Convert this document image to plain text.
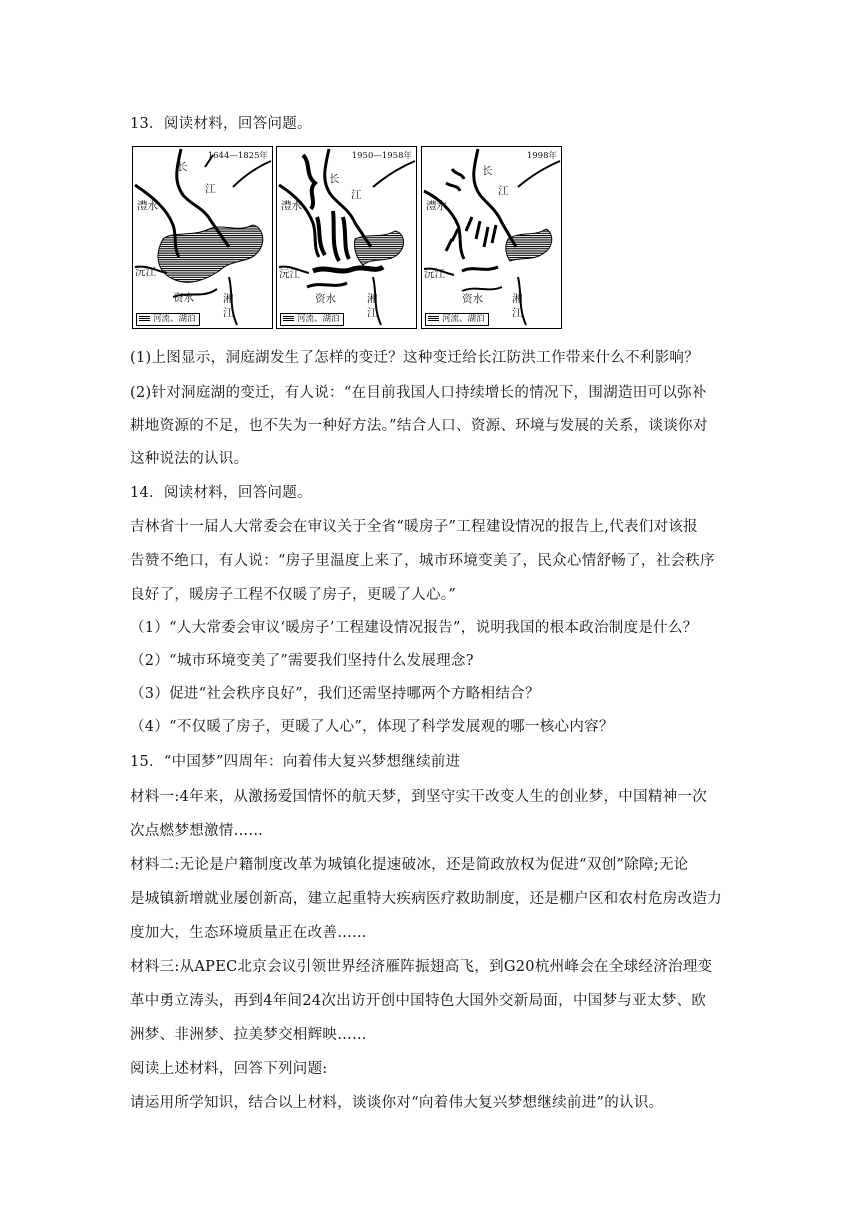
13．阅读材料，回答问题。
1644—1825年
长
江
澧水
沅江
资水	湘
江
河流、湖泊
1950—1958年
长
江
澧水
沅江
资水	湘
江
河流、湖泊
1998年
长
江
澧水
沅江
资水	湘
江
河流、湖泊
(1)上图显示，洞庭湖发生了怎样的变迁？这种变迁给长江防洪工作带来什么不利影响？
(2)针对洞庭湖的变迁，有人说：“在目前我国人口持续增长的情况下，围湖造田可以弥补
耕地资源的不足，也不失为一种好方法。”结合人口、资源、环境与发展的关系，谈谈你对
这种说法的认识。
14．阅读材料，回答问题。
吉林省十一届人大常委会在审议关于全省“暖房子”工程建设情况的报告上,代表们对该报
告赞不绝口，有人说：“房子里温度上来了，城市环境变美了，民众心情舒畅了，社会秩序
良好了，暖房子工程不仅暖了房子，更暖了人心。”
（1）“人大常委会审议‘暖房子’工程建设情况报告”，说明我国的根本政治制度是什么？
（2）“城市环境变美了”需要我们坚持什么发展理念?
（3）促进“社会秩序良好”，我们还需坚持哪两个方略相结合？
（4）“不仅暖了房子，更暖了人心”，体现了科学发展观的哪一核心内容？
15．“中国梦”四周年：向着伟大复兴梦想继续前进
材料一:4年来，从激扬爱国情怀的航天梦，到坚守实干改变人生的创业梦，中国精神一次
次点燃梦想激情……
材料二:无论是户籍制度改革为城镇化提速破冰，还是简政放权为促进“双创”除障;无论
是城镇新增就业屡创新高，建立起重特大疾病医疗救助制度，还是棚户区和农村危房改造力
度加大，生态环境质量正在改善……
材料三:从APEC北京会议引领世界经济雁阵振翅高飞，到G20杭州峰会在全球经济治理变
革中勇立涛头，再到4年间24次出访开创中国特色大国外交新局面，中国梦与亚太梦、欧
洲梦、非洲梦、拉美梦交相辉映……
阅读上述材料，回答下列问题:
请运用所学知识，结合以上材料，谈谈你对“向着伟大复兴梦想继续前进”的认识。
